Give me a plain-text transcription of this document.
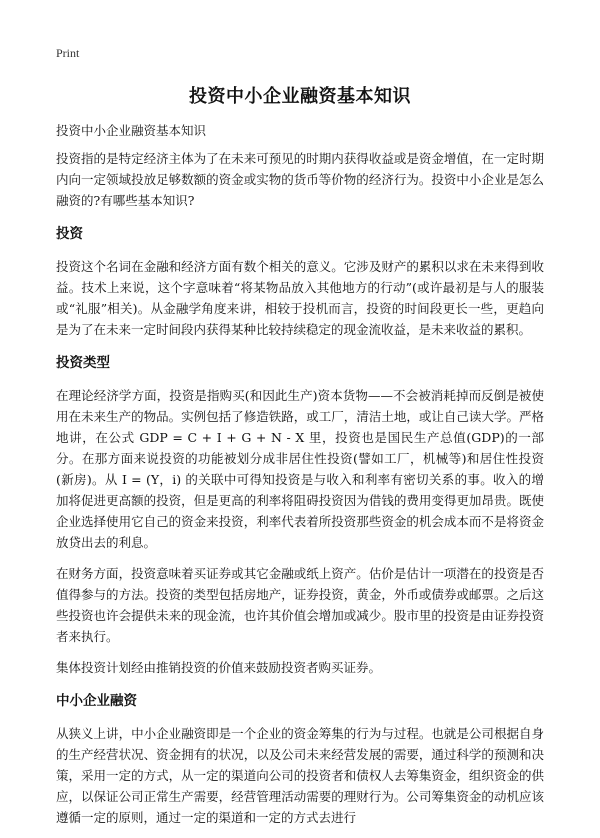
Print
投资中小企业融资基本知识
投资中小企业融资基本知识

投资指的是特定经济主体为了在未来可预见的时期内获得收益或是资金增值，在一定时期内向一定领域投放足够数额的资金或实物的货币等价物的经济行为。投资中小企业是怎么融资的?有哪些基本知识?

投资

投资这个名词在金融和经济方面有数个相关的意义。它涉及财产的累积以求在未来得到收益。技术上来说，这个字意味着“将某物品放入其他地方的行动”(或许最初是与人的服装或“礼服”相关)。从金融学角度来讲，相较于投机而言，投资的时间段更长一些，更趋向是为了在未来一定时间段内获得某种比较持续稳定的现金流收益，是未来收益的累积。

投资类型

在理论经济学方面，投资是指购买(和因此生产)资本货物——不会被消耗掉而反倒是被使用在未来生产的物品。实例包括了修造铁路，或工厂，清洁土地，或让自己读大学。严格地讲，在公式 GDP = C + I + G + N - X 里，投资也是国民生产总值(GDP)的一部分。在那方面来说投资的功能被划分成非居住性投资(譬如工厂，机械等)和居住性投资(新房)。从 I = (Y，i) 的关联中可得知投资是与收入和利率有密切关系的事。收入的增加将促进更高额的投资，但是更高的利率将阻碍投资因为借钱的费用变得更加昂贵。既使企业选择使用它自己的资金来投资，利率代表着所投资那些资金的机会成本而不是将资金放贷出去的利息。

在财务方面，投资意味着买证券或其它金融或纸上资产。估价是估计一项潜在的投资是否值得参与的方法。投资的类型包括房地产，证券投资，黄金，外币或债券或邮票。之后这些投资也许会提供未来的现金流，也许其价值会增加或减少。股市里的投资是由证券投资者来执行。

集体投资计划经由推销投资的价值来鼓励投资者购买证券。

中小企业融资

从狭义上讲，中小企业融资即是一个企业的资金筹集的行为与过程。也就是公司根据自身的生产经营状况、资金拥有的状况，以及公司未来经营发展的需要，通过科学的预测和决策，采用一定的方式，从一定的渠道向公司的投资者和债权人去筹集资金，组织资金的供应，以保证公司正常生产需要，经营管理活动需要的理财行为。公司筹集资金的动机应该遵循一定的原则，通过一定的渠道和一定的方式去进行
